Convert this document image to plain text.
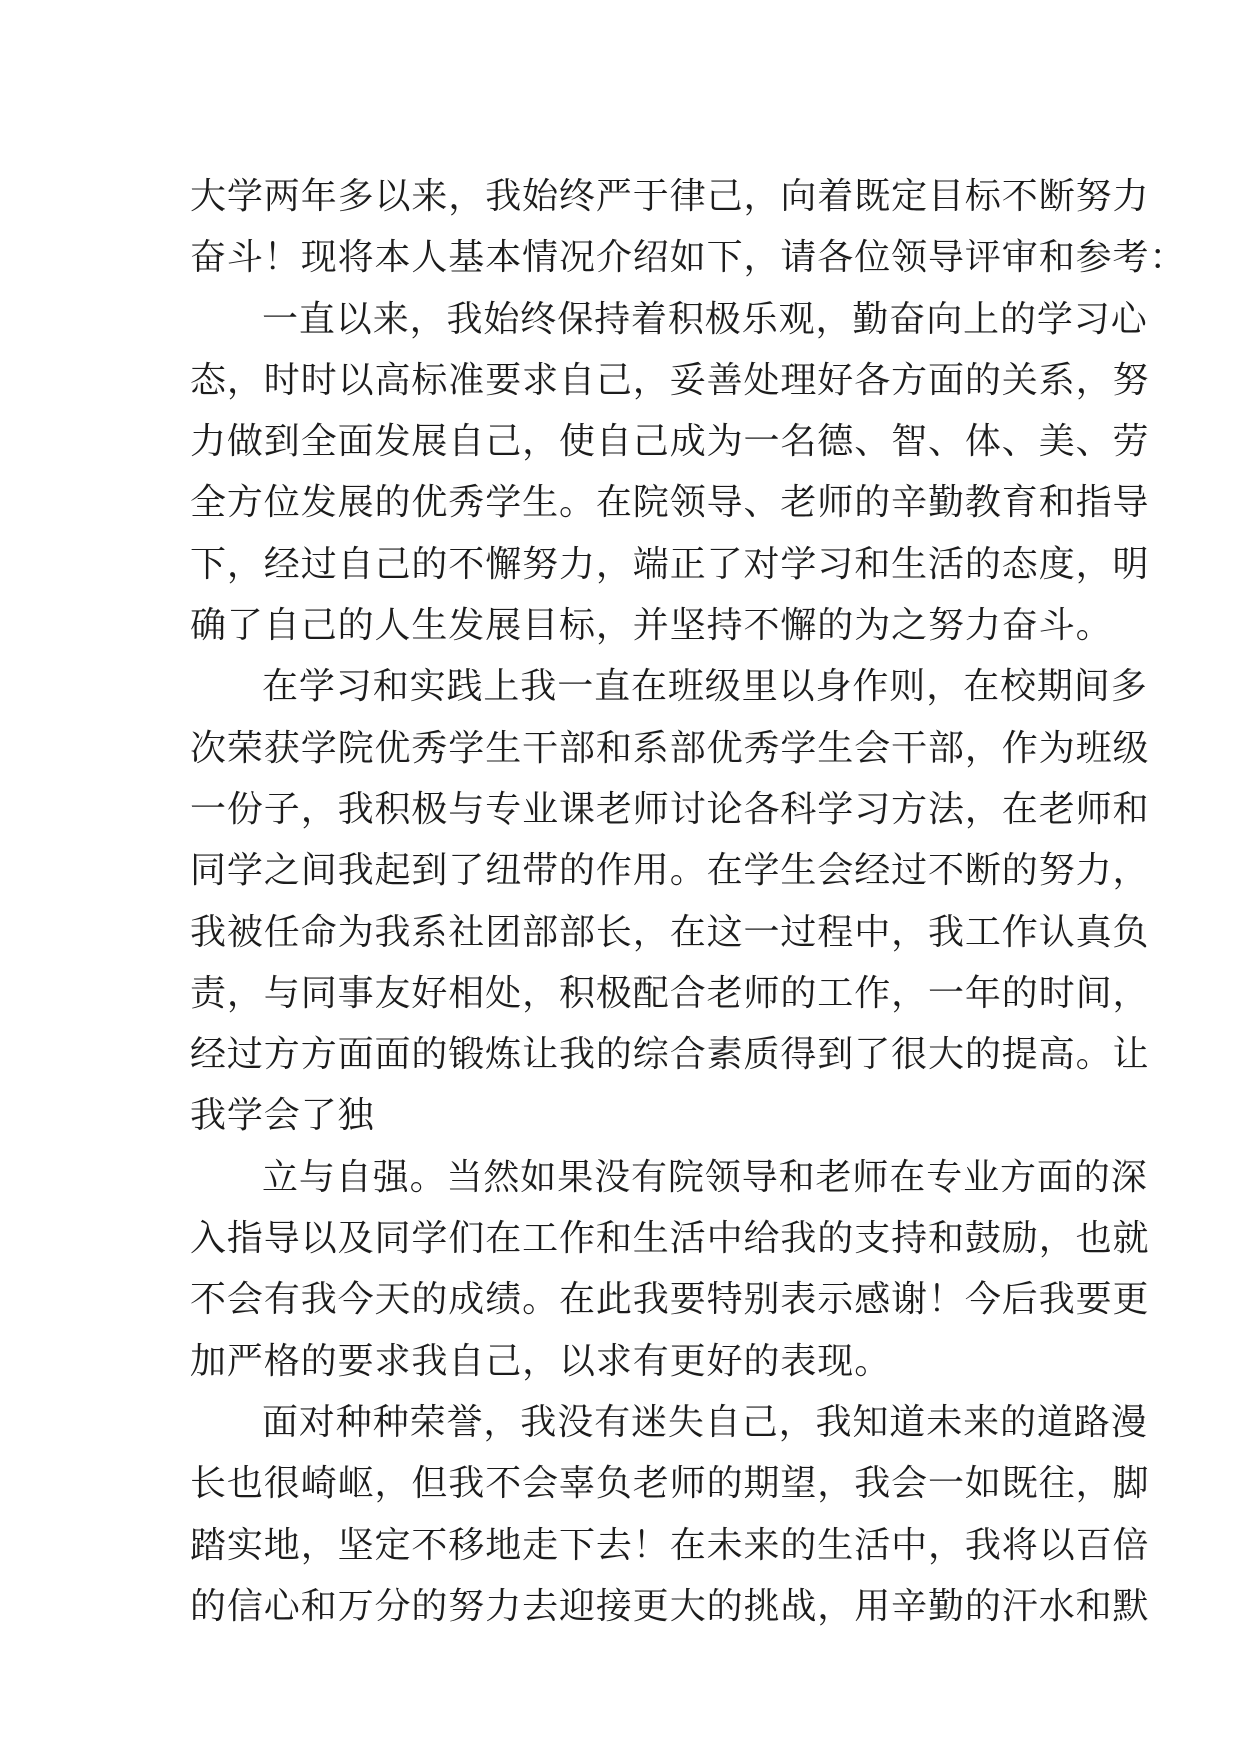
大学两年多以来，我始终严于律己，向着既定目标不断努力
奋斗！现将本人基本情况介绍如下，请各位领导评审和参考：
一直以来，我始终保持着积极乐观，勤奋向上的学习心
态，时时以高标准要求自己，妥善处理好各方面的关系，努
力做到全面发展自己，使自己成为一名德、智、体、美、劳
全方位发展的优秀学生。在院领导、老师的辛勤教育和指导
下，经过自己的不懈努力，端正了对学习和生活的态度，明
确了自己的人生发展目标，并坚持不懈的为之努力奋斗。
在学习和实践上我一直在班级里以身作则，在校期间多
次荣获学院优秀学生干部和系部优秀学生会干部，作为班级
一份子，我积极与专业课老师讨论各科学习方法，在老师和
同学之间我起到了纽带的作用。在学生会经过不断的努力，
我被任命为我系社团部部长，在这一过程中，我工作认真负
责，与同事友好相处，积极配合老师的工作，一年的时间，
经过方方面面的锻炼让我的综合素质得到了很大的提高。让
我学会了独
立与自强。当然如果没有院领导和老师在专业方面的深
入指导以及同学们在工作和生活中给我的支持和鼓励，也就
不会有我今天的成绩。在此我要特别表示感谢！今后我要更
加严格的要求我自己，以求有更好的表现。
面对种种荣誉，我没有迷失自己，我知道未来的道路漫
长也很崎岖，但我不会辜负老师的期望，我会一如既往，脚
踏实地，坚定不移地走下去！在未来的生活中，我将以百倍
的信心和万分的努力去迎接更大的挑战，用辛勤的汗水和默
